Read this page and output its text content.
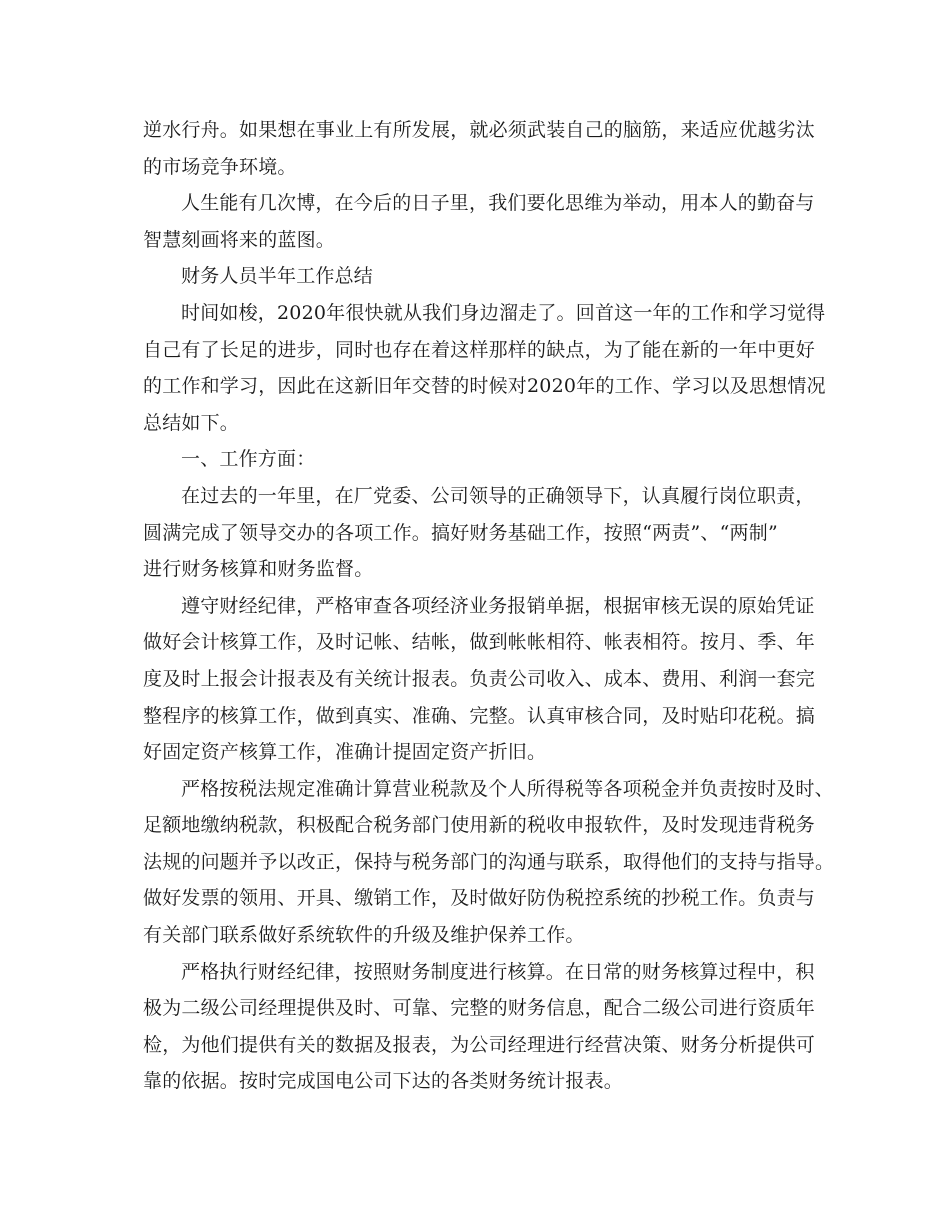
逆水行舟。如果想在事业上有所发展，就必须武装自己的脑筋，来适应优越劣汰
的市场竞争环境。

人生能有几次博，在今后的日子里，我们要化思维为举动，用本人的勤奋与
智慧刻画将来的蓝图。

财务人员半年工作总结

时间如梭，2020年很快就从我们身边溜走了。回首这一年的工作和学习觉得
自己有了长足的进步，同时也存在着这样那样的缺点，为了能在新的一年中更好
的工作和学习，因此在这新旧年交替的时候对2020年的工作、学习以及思想情况
总结如下。

一、工作方面：

在过去的一年里，在厂党委、公司领导的正确领导下，认真履行岗位职责，
圆满完成了领导交办的各项工作。搞好财务基础工作，按照“两责”、“两制”
进行财务核算和财务监督。

遵守财经纪律，严格审查各项经济业务报销单据，根据审核无误的原始凭证
做好会计核算工作，及时记帐、结帐，做到帐帐相符、帐表相符。按月、季、年
度及时上报会计报表及有关统计报表。负责公司收入、成本、费用、利润一套完
整程序的核算工作，做到真实、准确、完整。认真审核合同，及时贴印花税。搞
好固定资产核算工作，准确计提固定资产折旧。

严格按税法规定准确计算营业税款及个人所得税等各项税金并负责按时及时、
足额地缴纳税款，积极配合税务部门使用新的税收申报软件，及时发现违背税务
法规的问题并予以改正，保持与税务部门的沟通与联系，取得他们的支持与指导。
做好发票的领用、开具、缴销工作，及时做好防伪税控系统的抄税工作。负责与
有关部门联系做好系统软件的升级及维护保养工作。

严格执行财经纪律，按照财务制度进行核算。在日常的财务核算过程中，积
极为二级公司经理提供及时、可靠、完整的财务信息，配合二级公司进行资质年
检，为他们提供有关的数据及报表，为公司经理进行经营决策、财务分析提供可
靠的依据。按时完成国电公司下达的各类财务统计报表。
